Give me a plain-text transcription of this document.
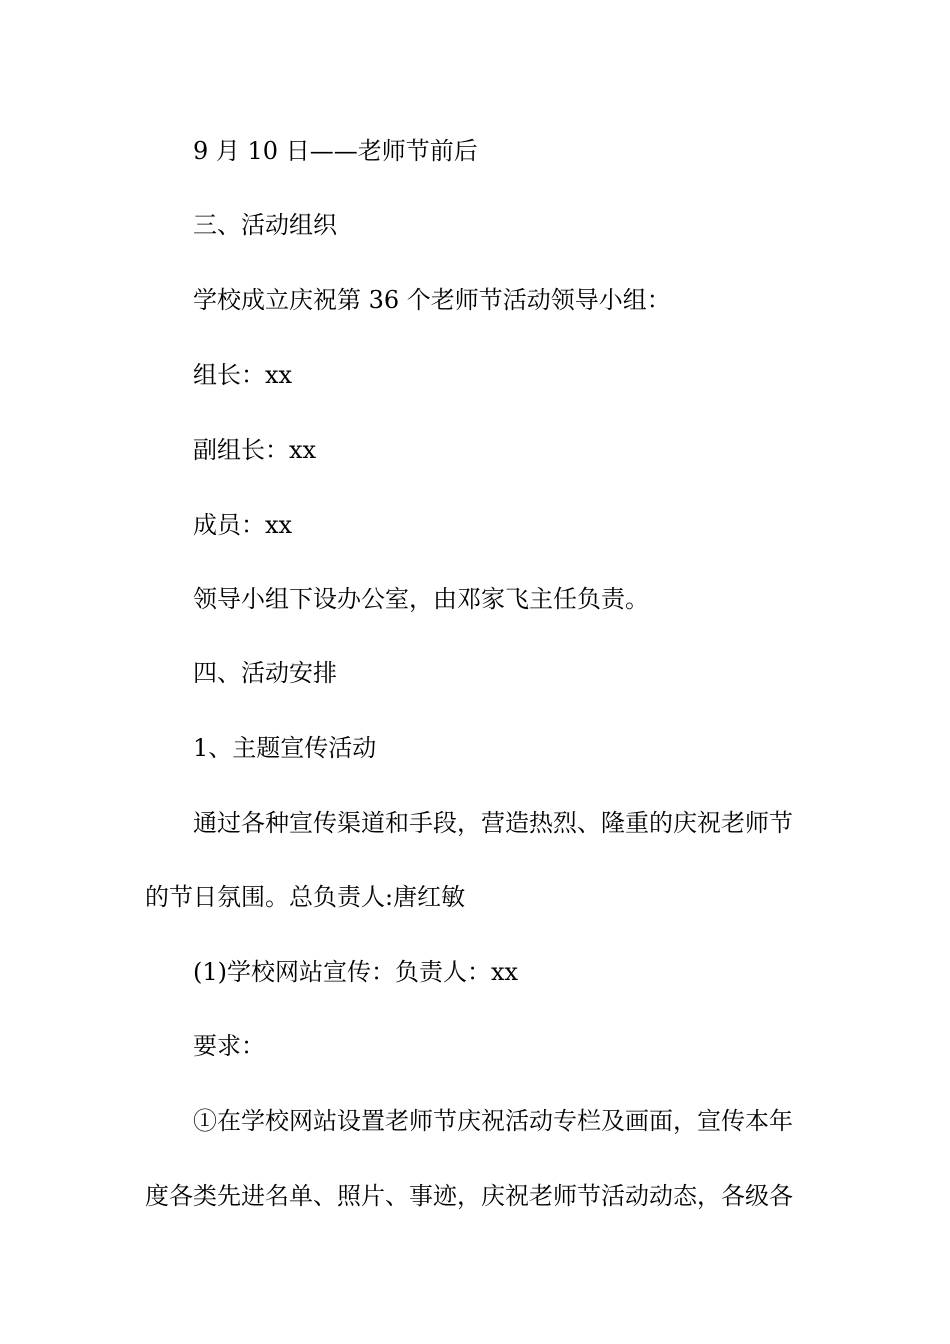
9 月 10 日——老师节前后
三、活动组织
学校成立庆祝第 36 个老师节活动领导小组：
组长：xx
副组长：xx
成员：xx
领导小组下设办公室，由邓家飞主任负责。
四、活动安排
1、主题宣传活动
通过各种宣传渠道和手段，营造热烈、隆重的庆祝老师节
的节日氛围。总负责人:唐红敏
(1)学校网站宣传：负责人：xx
要求：
①在学校网站设置老师节庆祝活动专栏及画面，宣传本年
度各类先进名单、照片、事迹，庆祝老师节活动动态，各级各
